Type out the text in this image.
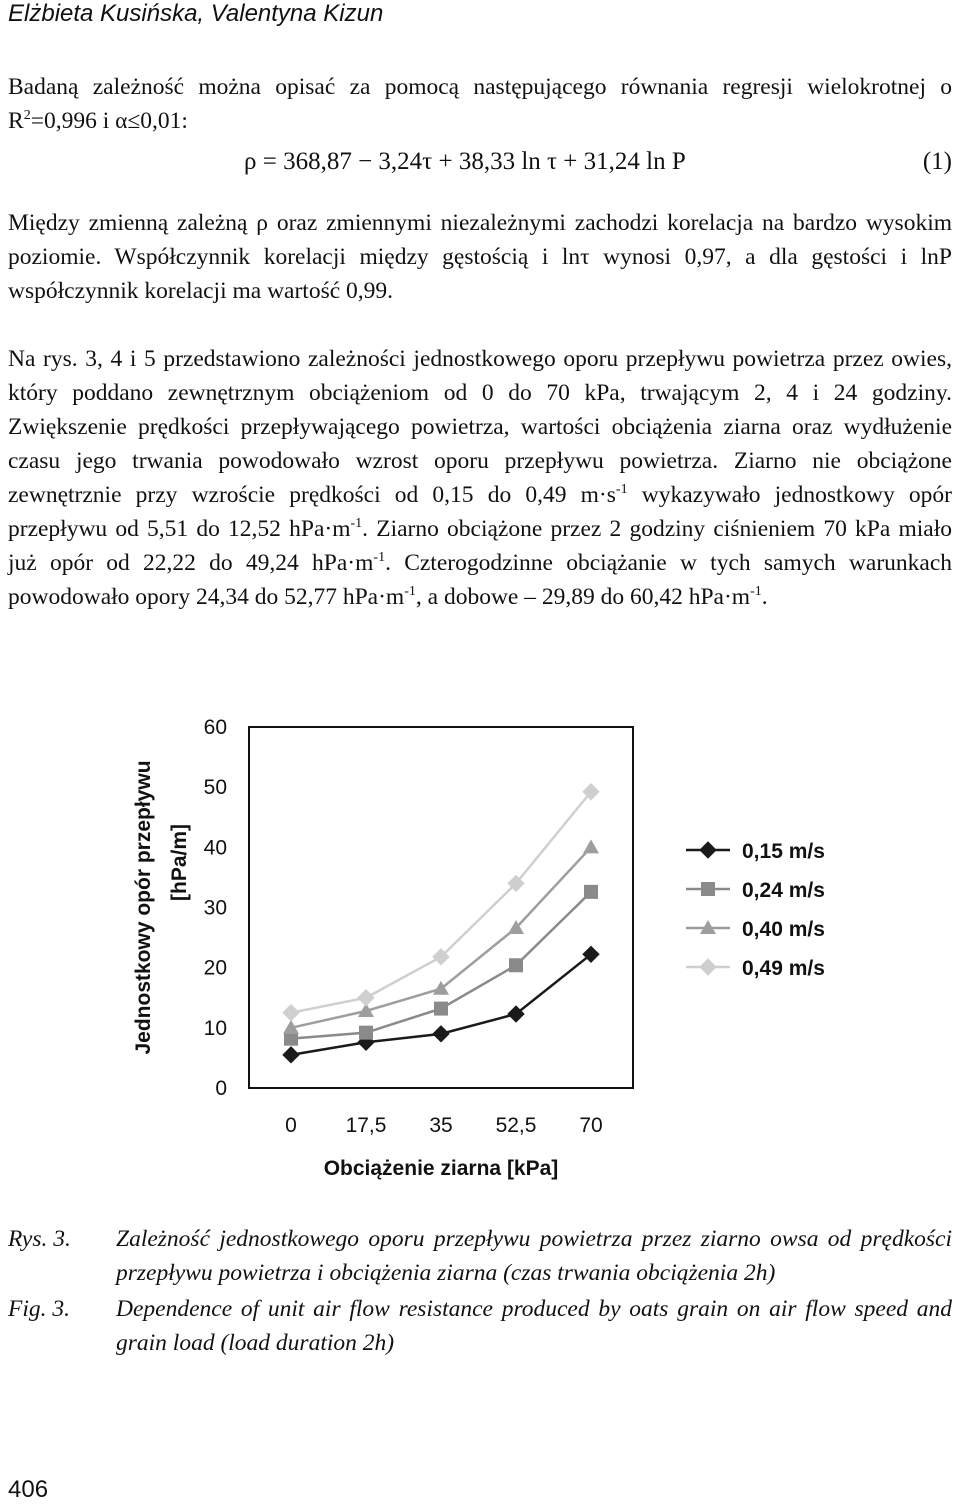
Elżbieta Kusińska, Valentyna Kizun

Badaną zależność można opisać za pomocą następującego równania regresji wielokrotnej o $R^2=0,996$ i α≤0,01:

ρ = 368,87 − 3,24τ + 38,33 ln τ + 31,24 ln P	(1)

Między zmienną zależną ρ oraz zmiennymi niezależnymi zachodzi korelacja na bardzo wysokim poziomie. Współczynnik korelacji między gęstością i lnτ wynosi 0,97, a dla gęstości i lnP współczynnik korelacji ma wartość 0,99.

Na rys. 3, 4 i 5 przedstawiono zależności jednostkowego oporu przepływu powietrza przez owies, który poddano zewnętrznym obciążeniom od 0 do 70 kPa, trwającym 2, 4 i 24 godziny. Zwiększenie prędkości przepływającego powietrza, wartości obciążenia ziarna oraz wydłużenie czasu jego trwania powodowało wzrost oporu przepływu powietrza. Ziarno nie obciążone zewnętrznie przy wzroście prędkości od 0,15 do 0,49 $m\cdot s^{-1}$ wykazywało jednostkowy opór przepływu od 5,51 do 12,52 $hPa\cdot m^{-1}$. Ziarno obciążone przez 2 godziny ciśnieniem 70 kPa miało już opór od 22,22 do 49,24 $hPa\cdot m^{-1}$. Czterogodzinne obciążanie w tych samych warunkach powodowało opory 24,34 do 52,77 $hPa\cdot m^{-1}$, a dobowe – 29,89 do 60,42 $hPa\cdot m^{-1}$.

0
10
20
30
40
50
60
0 17,5 35 52,5 70
Obciążenie ziarna [kPa]
Jednostkowy opór przepływu [hPa/m]	0,15 m/s
0,24 m/s
0,40 m/s
0,49 m/s
Rys. 3.	Zależność jednostkowego oporu przepływu powietrza przez ziarno owsa od prędkości przepływu powietrza i obciążenia ziarna (czas trwania obciążenia 2h)
Fig. 3.	Dependence of unit air flow resistance produced by oats grain on air flow speed and grain load (load duration 2h)
406
